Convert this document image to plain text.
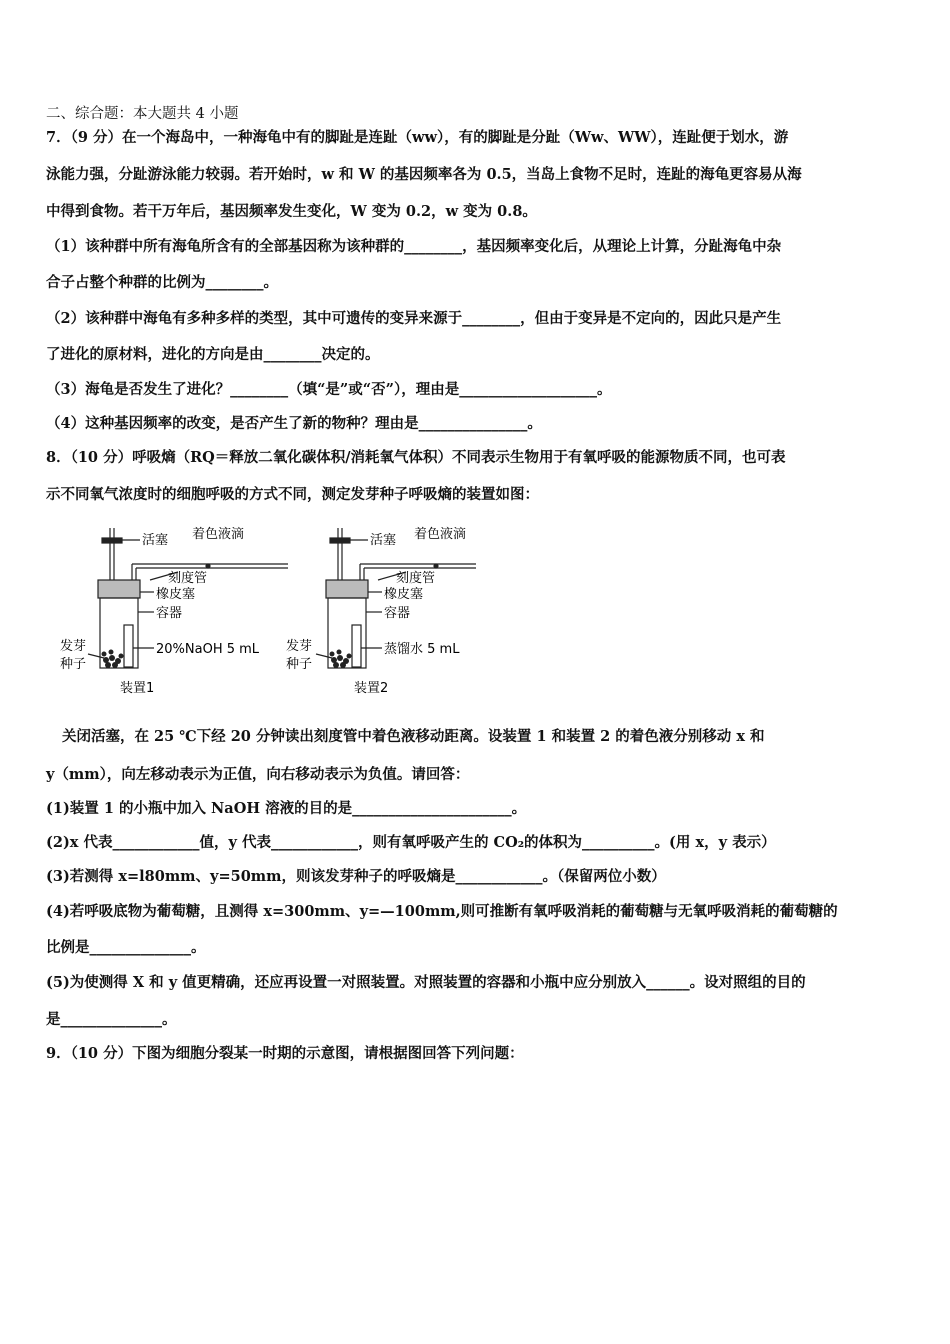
二、综合题：本大题共 4 小题
7．（9 分）在一个海岛中，一种海龟中有的脚趾是连趾（ww），有的脚趾是分趾（Ww、WW），连趾便于划水，游
泳能力强，分趾游泳能力较弱。若开始时，w 和 W 的基因频率各为 0.5，当岛上食物不足时，连趾的海龟更容易从海
中得到食物。若干万年后，基因频率发生变化，W 变为 0.2，w 变为 0.8。
（1）该种群中所有海龟所含有的全部基因称为该种群的________，基因频率变化后，从理论上计算，分趾海龟中杂
合子占整个种群的比例为________。
（2）该种群中海龟有多种多样的类型，其中可遗传的变异来源于________，但由于变异是不定向的，因此只是产生
了进化的原材料，进化的方向是由________决定的。
（3）海龟是否发生了进化？________（填“是”或“否”），理由是___________________。
（4）这种基因频率的改变，是否产生了新的物种？理由是_______________。
8．（10 分）呼吸熵（RQ＝释放二氧化碳体积/消耗氧气体积）不同表示生物用于有氧呼吸的能源物质不同，也可表
示不同氧气浓度时的细胞呼吸的方式不同，测定发芽种子呼吸熵的装置如图：
活塞 着色液滴
刻度管
橡皮塞
容器
20%NaOH 5 mL
发芽
种子
装置1
活塞 着色液滴
刻度管
橡皮塞
容器
蒸馏水 5 mL
发芽
种子
装置2
关闭活塞，在 25 ℃下经 20 分钟读出刻度管中着色液移动距离。设装置 1 和装置 2 的着色液分别移动 x 和
y（mm），向左移动表示为正值，向右移动表示为负值。请回答：
(1)装置 1 的小瓶中加入 NaOH 溶液的目的是______________________。
(2)x 代表____________值，y 代表____________，则有氧呼吸产生的 CO₂的体积为__________。(用 x，y 表示）
(3)若测得 x=l80mm、y=50mm，则该发芽种子的呼吸熵是____________。（保留两位小数）
(4)若呼吸底物为葡萄糖，且测得 x=300mm、y=—100mm,则可推断有氧呼吸消耗的葡萄糖与无氧呼吸消耗的葡萄糖的
比例是______________。
(5)为使测得 X 和 y 值更精确，还应再设置一对照装置。对照装置的容器和小瓶中应分别放入______。设对照组的目的
是______________。
9．（10 分）下图为细胞分裂某一时期的示意图，请根据图回答下列问题：
